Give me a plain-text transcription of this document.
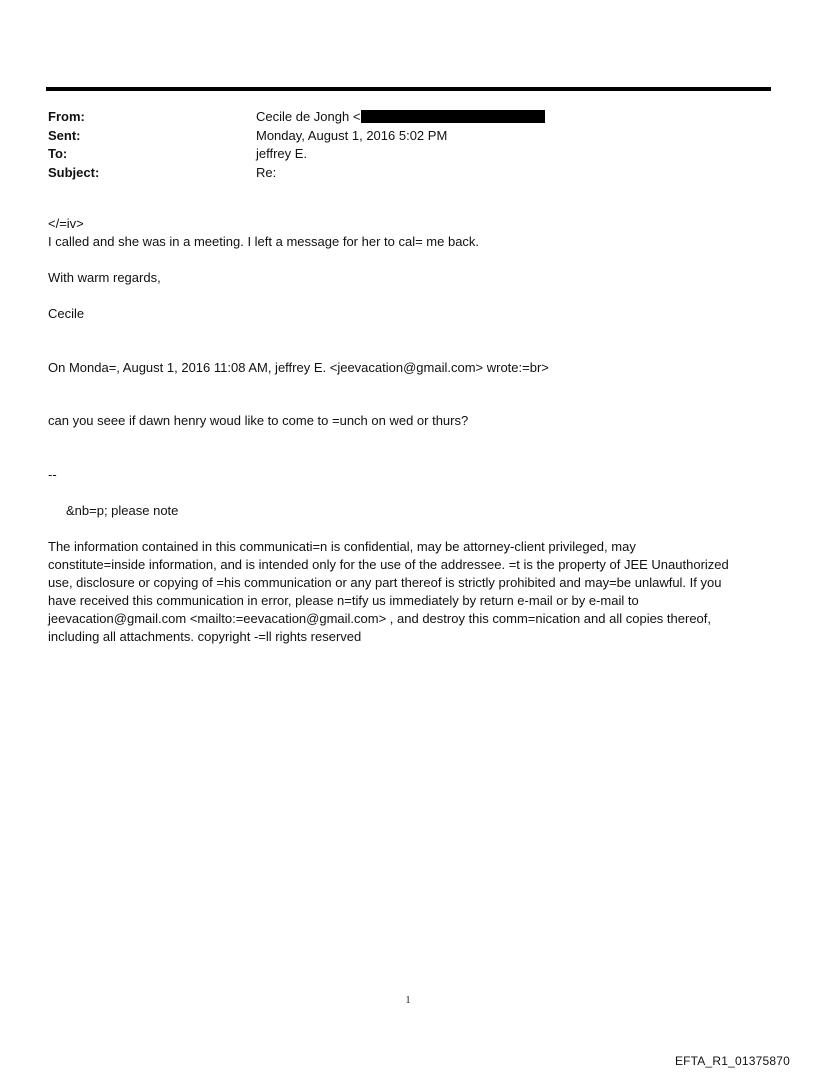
From:	Cecile de Jongh <
Sent:	Monday, August 1, 2016 5:02 PM
To:	jeffrey E.
Subject:	Re:
</=iv>
I called and she was in a meeting. I left a message for her to cal= me back.
With warm regards,
Cecile
On Monda=, August 1, 2016 11:08 AM, jeffrey E. <jeevacation@gmail.com> wrote:=br>
can you seee if dawn henry woud like to come to =unch on wed or thurs?
--
&nb=p; please note
The information contained in this communicati=n is confidential, may be attorney-client privileged, may
constitute=inside information, and is intended only for the use of the addressee. =t is the property of JEE Unauthorized
use, disclosure or copying of =his communication or any part thereof is strictly prohibited and may=be unlawful. If you
have received this communication in error, please n=tify us immediately by return e-mail or by e-mail to
jeevacation@gmail.com <mailto:=eevacation@gmail.com> , and destroy this comm=nication and all copies thereof,
including all attachments. copyright -=ll rights reserved
1
EFTA_R1_01375870
